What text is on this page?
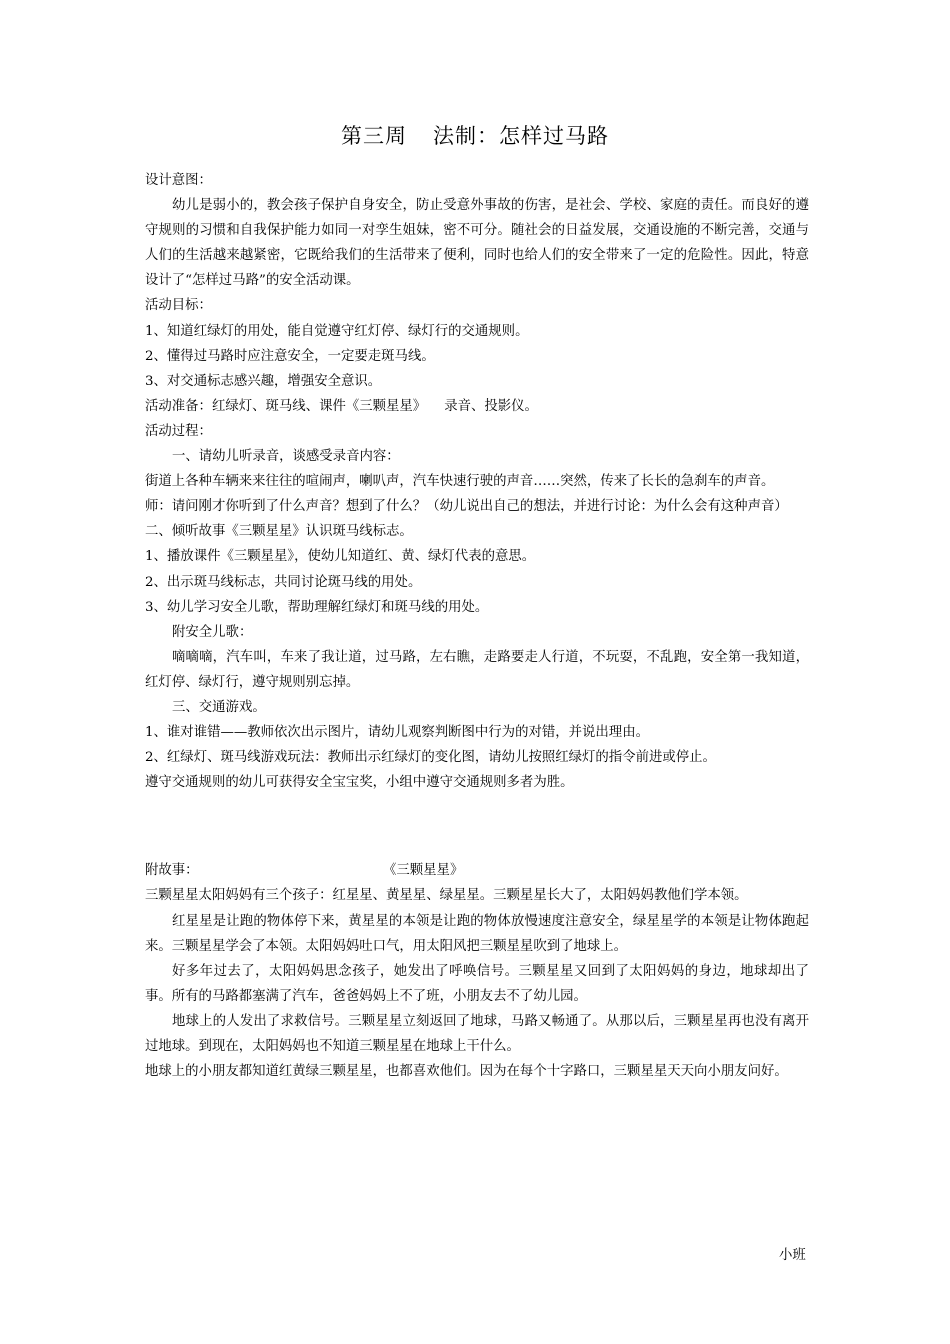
第三周 法制：怎样过马路

设计意图：

幼儿是弱小的，教会孩子保护自身安全，防止受意外事故的伤害，是社会、学校、家庭的责任。而良好的遵守规则的习惯和自我保护能力如同一对孪生姐妹，密不可分。随社会的日益发展，交通设施的不断完善，交通与人们的生活越来越紧密，它既给我们的生活带来了便利，同时也给人们的安全带来了一定的危险性。因此，特意设计了“怎样过马路”的安全活动课。

活动目标：

1、知道红绿灯的用处，能自觉遵守红灯停、绿灯行的交通规则。

2、懂得过马路时应注意安全，一定要走斑马线。

3、对交通标志感兴趣，增强安全意识。

活动准备：红绿灯、斑马线、课件《三颗星星》 录音、投影仪。

活动过程：

一、请幼儿听录音，谈感受录音内容：

街道上各种车辆来来往往的喧闹声，喇叭声，汽车快速行驶的声音……突然，传来了长长的急刹车的声音。

师：请问刚才你听到了什么声音？想到了什么？（幼儿说出自己的想法，并进行讨论：为什么会有这种声音）

二、倾听故事《三颗星星》认识斑马线标志。

1、播放课件《三颗星星》，使幼儿知道红、黄、绿灯代表的意思。

2、出示斑马线标志，共同讨论斑马线的用处。

3、幼儿学习安全儿歌，帮助理解红绿灯和斑马线的用处。

附安全儿歌：

嘀嘀嘀，汽车叫，车来了我让道，过马路，左右瞧，走路要走人行道，不玩耍，不乱跑，安全第一我知道，红灯停、绿灯行，遵守规则别忘掉。

三、交通游戏。

1、谁对谁错——教师依次出示图片，请幼儿观察判断图中行为的对错，并说出理由。

2、红绿灯、斑马线游戏玩法：教师出示红绿灯的变化图，请幼儿按照红绿灯的指令前进或停止。

遵守交通规则的幼儿可获得安全宝宝奖，小组中遵守交通规则多者为胜。

附故事：	《三颗星星》

三颗星星太阳妈妈有三个孩子：红星星、黄星星、绿星星。三颗星星长大了，太阳妈妈教他们学本领。

红星星是让跑的物体停下来，黄星星的本领是让跑的物体放慢速度注意安全，绿星星学的本领是让物体跑起来。三颗星星学会了本领。太阳妈妈吐口气，用太阳风把三颗星星吹到了地球上。

好多年过去了，太阳妈妈思念孩子，她发出了呼唤信号。三颗星星又回到了太阳妈妈的身边，地球却出了事。所有的马路都塞满了汽车，爸爸妈妈上不了班，小朋友去不了幼儿园。

地球上的人发出了求救信号。三颗星星立刻返回了地球，马路又畅通了。从那以后，三颗星星再也没有离开过地球。到现在，太阳妈妈也不知道三颗星星在地球上干什么。

地球上的小朋友都知道红黄绿三颗星星，也都喜欢他们。因为在每个十字路口，三颗星星天天向小朋友问好。

小班
